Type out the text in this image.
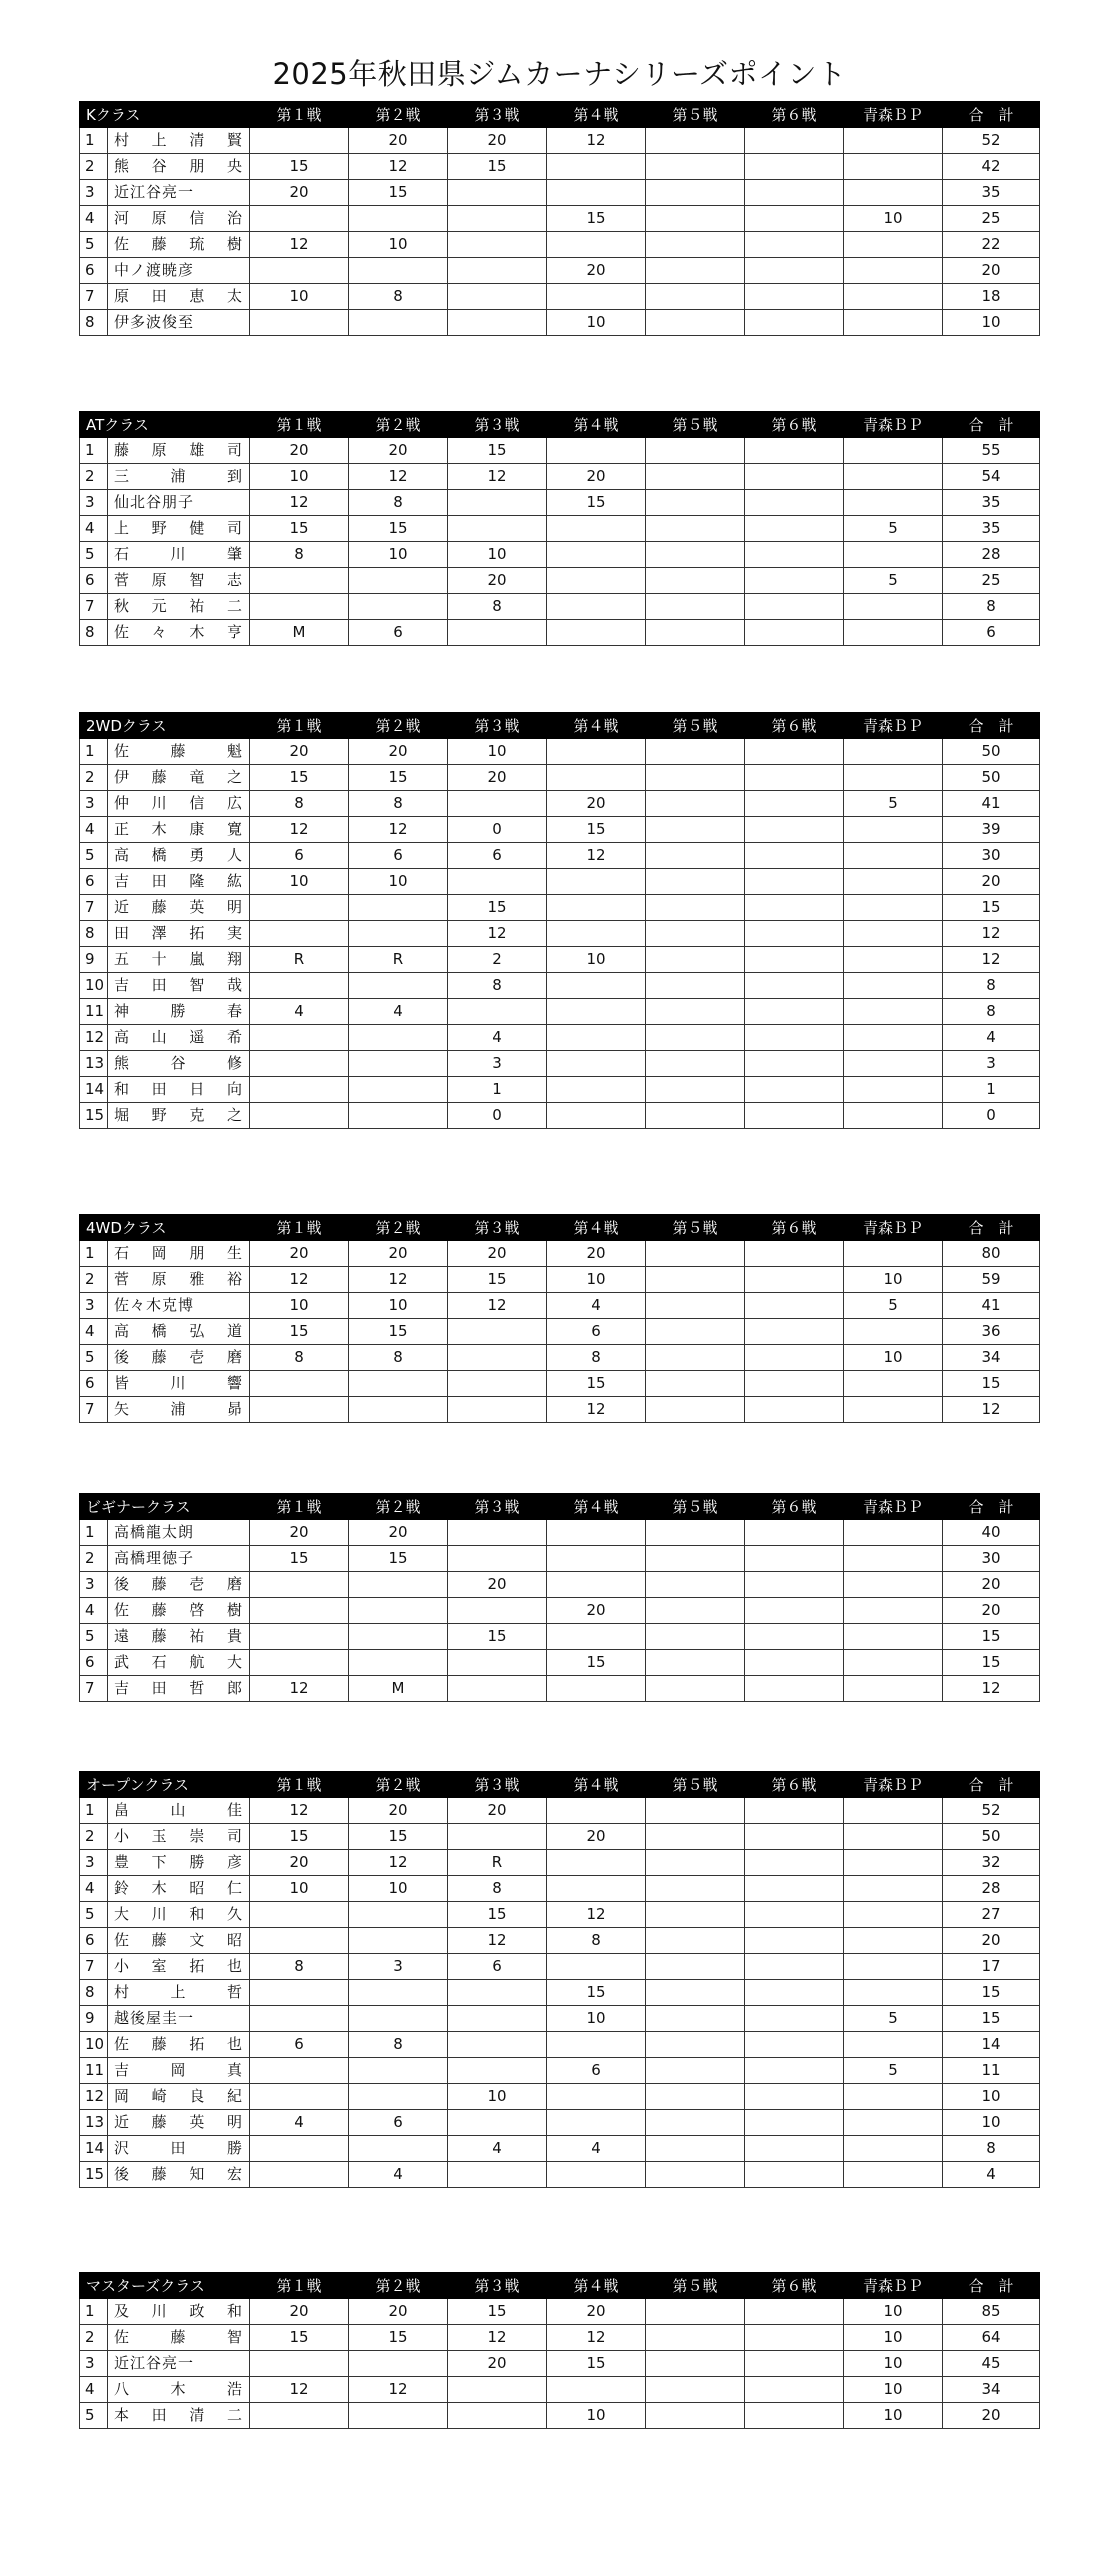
2025年秋田県ジムカーナシリーズポイント
Kクラス		第１戦	第２戦	第３戦	第４戦	第５戦	第６戦	青森ＢＰ	合　計
1	村上清賢		20	20	12				52
2	熊谷朋央	15	12	15					42
3	近江谷亮一	20	15						35
4	河原信治				15			10	25
5	佐藤琉樹	12	10						22
6	中ノ渡暁彦				20				20
7	原田恵太	10	8						18
8	伊多波俊至				10				10
ATクラス		第１戦	第２戦	第３戦	第４戦	第５戦	第６戦	青森ＢＰ	合　計
1	藤原雄司	20	20	15					55
2	三浦到	10	12	12	20				54
3	仙北谷朋子	12	8		15				35
4	上野健司	15	15					5	35
5	石川肇	8	10	10					28
6	菅原智志			20				5	25
7	秋元祐二			8					8
8	佐々木亨	M	6						6
2WDクラス		第１戦	第２戦	第３戦	第４戦	第５戦	第６戦	青森ＢＰ	合　計
1	佐藤魁	20	20	10					50
2	伊藤竜之	15	15	20					50
3	仲川信広	8	8		20			5	41
4	正木康寛	12	12	0	15				39
5	高橋勇人	6	6	6	12				30
6	吉田隆紘	10	10						20
7	近藤英明			15					15
8	田澤拓実			12					12
9	五十嵐翔	R	R	2	10				12
10	吉田智哉			8					8
11	神勝春	4	4						8
12	高山遥希			4					4
13	熊谷修			3					3
14	和田日向			1					1
15	堀野克之			0					0
4WDクラス		第１戦	第２戦	第３戦	第４戦	第５戦	第６戦	青森ＢＰ	合　計
1	石岡朋生	20	20	20	20				80
2	菅原雅裕	12	12	15	10			10	59
3	佐々木克博	10	10	12	4			5	41
4	高橋弘道	15	15		6				36
5	後藤壱磨	8	8		8			10	34
6	皆川響				15				15
7	矢浦昴				12				12
ビギナークラス		第１戦	第２戦	第３戦	第４戦	第５戦	第６戦	青森ＢＰ	合　計
1	高橋龍太朗	20	20						40
2	高橋理徳子	15	15						30
3	後藤壱磨			20					20
4	佐藤啓樹				20				20
5	遠藤祐貴			15					15
6	武石航大				15				15
7	吉田哲郎	12	M						12
オープンクラス		第１戦	第２戦	第３戦	第４戦	第５戦	第６戦	青森ＢＰ	合　計
1	畠山佳	12	20	20					52
2	小玉崇司	15	15		20				50
3	豊下勝彦	20	12	R					32
4	鈴木昭仁	10	10	8					28
5	大川和久			15	12				27
6	佐藤文昭			12	8				20
7	小室拓也	8	3	6					17
8	村上哲				15				15
9	越後屋圭一				10			5	15
10	佐藤拓也	6	8						14
11	吉岡真				6			5	11
12	岡崎良紀			10					10
13	近藤英明	4	6						10
14	沢田勝			4	4				8
15	後藤知宏		4						4
マスターズクラス		第１戦	第２戦	第３戦	第４戦	第５戦	第６戦	青森ＢＰ	合　計
1	及川政和	20	20	15	20			10	85
2	佐藤智	15	15	12	12			10	64
3	近江谷亮一			20	15			10	45
4	八木浩	12	12					10	34
5	本田清二				10			10	20
